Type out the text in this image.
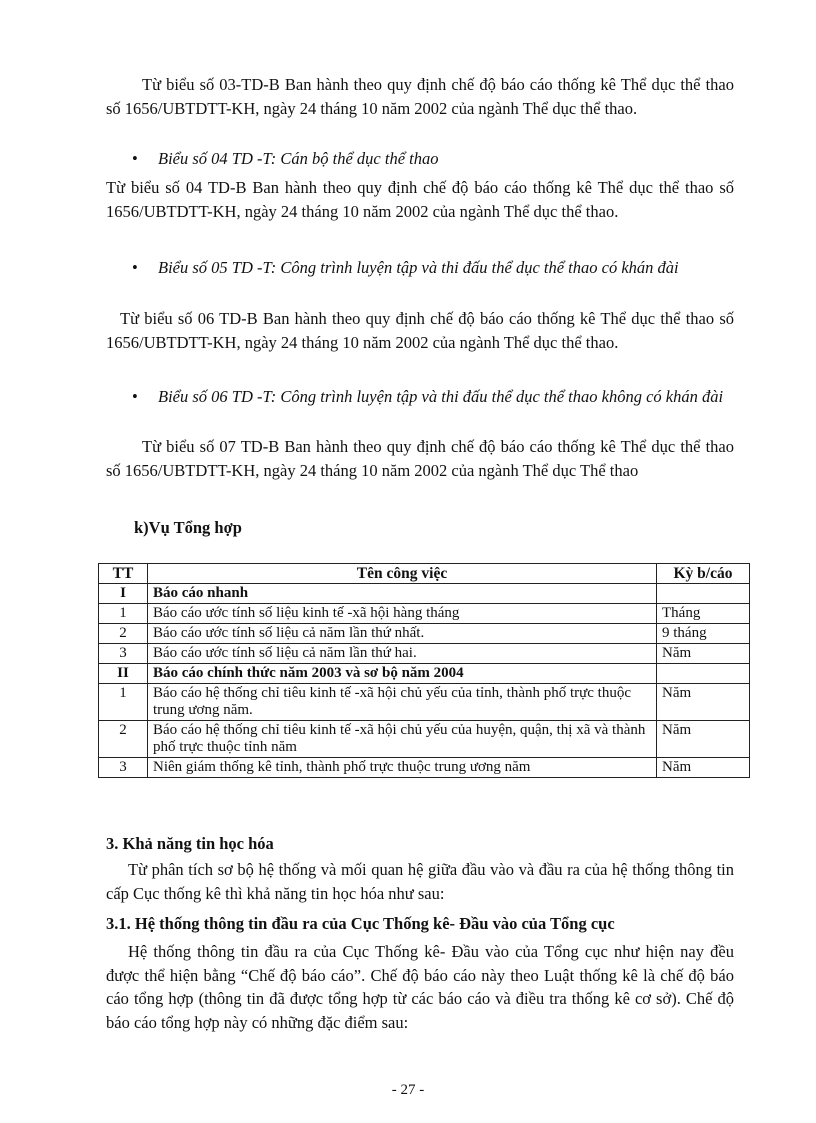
Từ biểu số 03-TD-B Ban hành theo quy định chế độ báo cáo thống kê Thể dục thể thao số 1656/UBTDTT-KH, ngày 24 tháng 10 năm 2002 của ngành Thể dục thể thao.

•	Biểu số 04 TD -T: Cán bộ thể dục thể thao

Từ biểu số 04 TD-B Ban hành theo quy định chế độ báo cáo thống kê Thể dục thể thao số 1656/UBTDTT-KH, ngày 24 tháng 10 năm 2002 của ngành Thể dục thể thao.

•	Biểu số 05 TD -T: Công trình luyện tập và thi đấu thể dục thể thao có khán đài

Từ biểu số 06 TD-B Ban hành theo quy định chế độ báo cáo thống kê Thể dục thể thao số 1656/UBTDTT-KH, ngày 24 tháng 10 năm 2002 của ngành Thể dục thể thao.

•	Biểu số 06 TD -T: Công trình luyện tập và thi đấu thể dục thể thao không có khán đài

Từ biểu số 07 TD-B Ban hành theo quy định chế độ báo cáo thống kê Thể dục thể thao số 1656/UBTDTT-KH, ngày 24 tháng 10 năm 2002 của ngành Thể dục Thể thao

k)Vụ Tổng hợp

TT	Tên công việc	Kỳ b/cáo
I	Báo cáo nhanh	
1	Báo cáo ước tính số liệu kinh tế -xã hội hàng tháng	Tháng
2	Báo cáo ước tính số liệu cả năm lần thứ nhất.	9 tháng
3	Báo cáo ước tính số liệu cả năm lần thứ hai.	Năm
II	Báo cáo chính thức năm 2003 và sơ bộ năm 2004	
1	Báo cáo hệ thống chỉ tiêu kinh tế -xã hội chủ yếu của tỉnh, thành phố trực thuộc trung ương năm.	Năm
2	Báo cáo hệ thống chỉ tiêu kinh tế -xã hội chủ yếu của huyện, quận, thị xã và thành phố trực thuộc tỉnh năm	Năm
3	Niên giám thống kê tỉnh, thành phố trực thuộc trung ương năm	Năm

3. Khả năng tin học hóa

Từ phân tích sơ bộ hệ thống và mối quan hệ giữa đầu vào và đầu ra của hệ thống thông tin cấp Cục thống kê thì khả năng tin học hóa như sau:

3.1. Hệ thống thông tin đầu ra của Cục Thống kê- Đầu vào của Tổng cục

Hệ thống thông tin đầu ra của Cục Thống kê- Đầu vào của Tổng cục như hiện nay đều được thể hiện bằng “Chế độ báo cáo”. Chế độ báo cáo này theo Luật thống kê là chế độ báo cáo tổng hợp (thông tin đã được tổng hợp từ các báo cáo và điều tra thống kê cơ sở). Chế độ báo cáo tổng hợp này có những đặc điểm sau:

- 27 -
